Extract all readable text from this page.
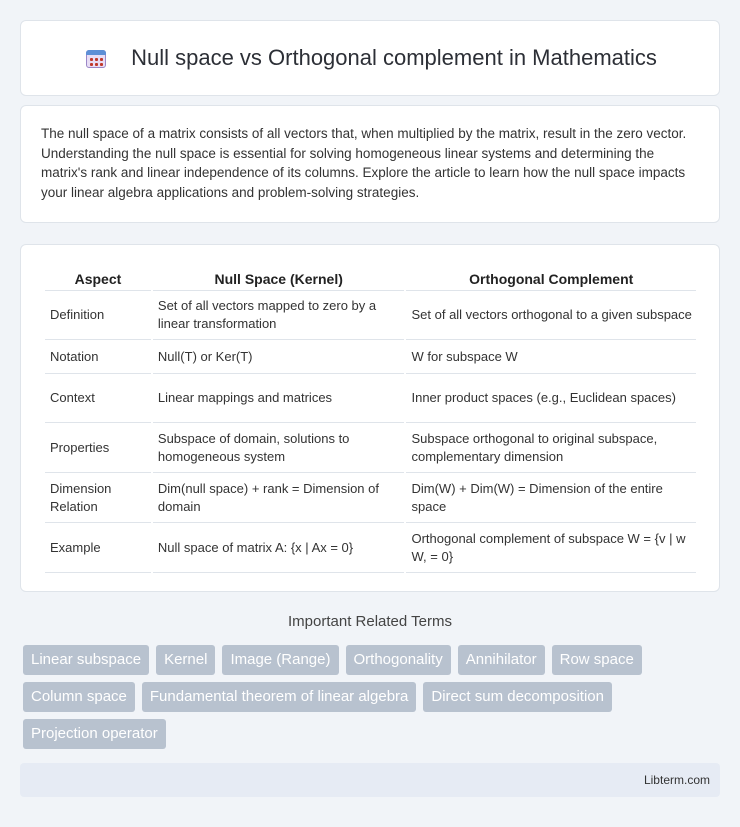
Null space vs Orthogonal complement in Mathematics

The null space of a matrix consists of all vectors that, when multiplied by the matrix, result in the zero vector. Understanding the null space is essential for solving homogeneous linear systems and determining the matrix's rank and linear independence of its columns. Explore the article to learn how the null space impacts your linear algebra applications and problem-solving strategies.

Aspect	Null Space (Kernel)	Orthogonal Complement
Definition	Set of all vectors mapped to zero by a linear transformation	Set of all vectors orthogonal to a given subspace
Notation	Null(T) or Ker(T)	W for subspace W
Context	Linear mappings and matrices	Inner product spaces (e.g., Euclidean spaces)
Properties	Subspace of domain, solutions to homogeneous system	Subspace orthogonal to original subspace, complementary dimension
Dimension Relation	Dim(null space) + rank = Dimension of domain	Dim(W) + Dim(W) = Dimension of the entire space
Example	Null space of matrix A: {x | Ax = 0}	Orthogonal complement of subspace W = {v | w W, = 0}
Important Related Terms
Linear subspace	Kernel	Image (Range)	Orthogonality	Annihilator	Row space
Column space	Fundamental theorem of linear algebra	Direct sum decomposition
Projection operator
Libterm.com
